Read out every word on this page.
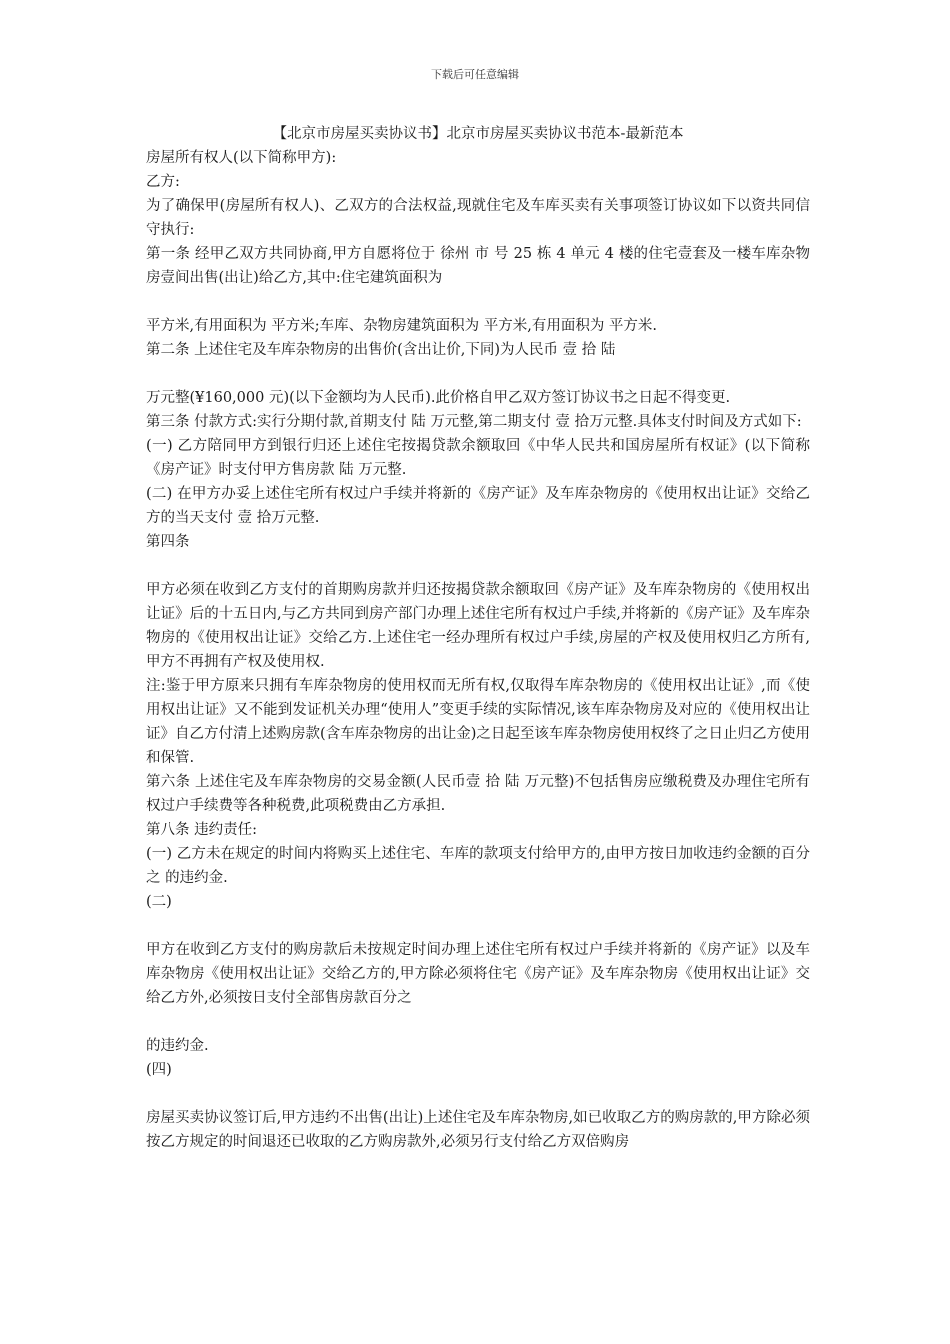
下载后可任意编辑
【北京市房屋买卖协议书】北京市房屋买卖协议书范本-最新范本

房屋所有权人(以下简称甲方):

乙方:

为了确保甲(房屋所有权人)、乙双方的合法权益,现就住宅及车库买卖有关事项签订协议如下以资共同信守执行:

第一条 经甲乙双方共同协商,甲方自愿将位于 徐州 市 号 25 栋 4 单元 4 楼的住宅壹套及一楼车库杂物房壹间出售(出让)给乙方,其中:住宅建筑面积为

平方米,有用面积为 平方米;车库、杂物房建筑面积为 平方米,有用面积为 平方米.

第二条 上述住宅及车库杂物房的出售价(含出让价,下同)为人民币 壹 拾 陆

万元整(¥160,000 元)(以下金额均为人民币).此价格自甲乙双方签订协议书之日起不得变更.

第三条 付款方式:实行分期付款,首期支付 陆 万元整,第二期支付 壹 拾万元整.具体支付时间及方式如下:

(一) 乙方陪同甲方到银行归还上述住宅按揭贷款余额取回《中华人民共和国房屋所有权证》(以下简称《房产证》时支付甲方售房款 陆 万元整.

(二) 在甲方办妥上述住宅所有权过户手续并将新的《房产证》及车库杂物房的《使用权出让证》交给乙方的当天支付 壹 拾万元整.

第四条

甲方必须在收到乙方支付的首期购房款并归还按揭贷款余额取回《房产证》及车库杂物房的《使用权出让证》后的十五日内,与乙方共同到房产部门办理上述住宅所有权过户手续,并将新的《房产证》及车库杂物房的《使用权出让证》交给乙方.上述住宅一经办理所有权过户手续,房屋的产权及使用权归乙方所有,甲方不再拥有产权及使用权.

注:鉴于甲方原来只拥有车库杂物房的使用权而无所有权,仅取得车库杂物房的《使用权出让证》,而《使用权出让证》又不能到发证机关办理“使用人”变更手续的实际情况,该车库杂物房及对应的《使用权出让证》自乙方付清上述购房款(含车库杂物房的出让金)之日起至该车库杂物房使用权终了之日止归乙方使用和保管.

第六条 上述住宅及车库杂物房的交易金额(人民币壹 拾 陆 万元整)不包括售房应缴税费及办理住宅所有权过户手续费等各种税费,此项税费由乙方承担.

第八条 违约责任:

(一) 乙方未在规定的时间内将购买上述住宅、车库的款项支付给甲方的,由甲方按日加收违约金额的百分之 的违约金.

(二)

甲方在收到乙方支付的购房款后未按规定时间办理上述住宅所有权过户手续并将新的《房产证》以及车库杂物房《使用权出让证》交给乙方的,甲方除必须将住宅《房产证》及车库杂物房《使用权出让证》交给乙方外,必须按日支付全部售房款百分之

的违约金.

(四)

房屋买卖协议签订后,甲方违约不出售(出让)上述住宅及车库杂物房,如已收取乙方的购房款的,甲方除必须按乙方规定的时间退还已收取的乙方购房款外,必须另行支付给乙方双倍购房
